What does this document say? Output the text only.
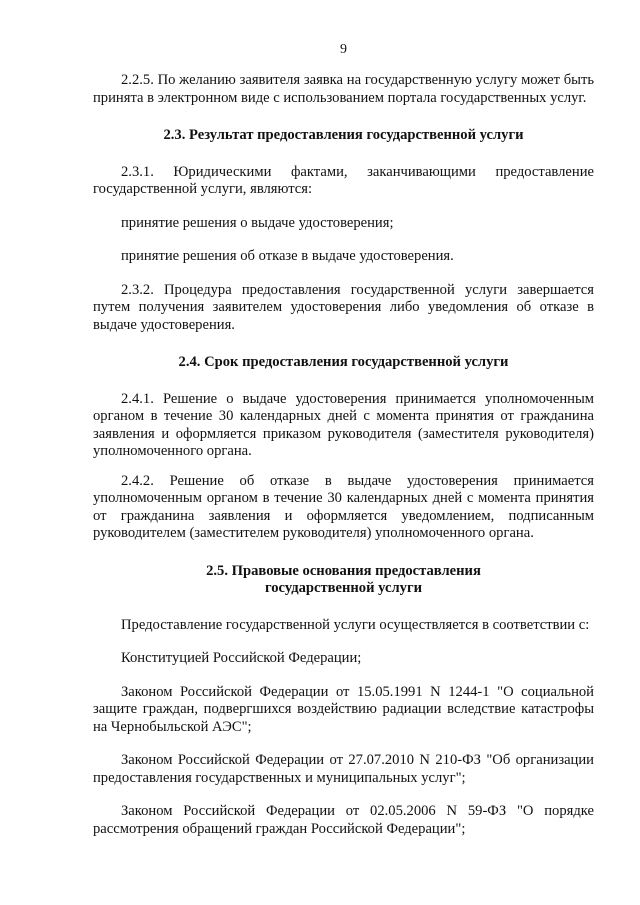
9

2.2.5. По желанию заявителя заявка на государственную услугу может быть принята в электронном виде с использованием портала государственных услуг.

2.3. Результат предоставления государственной услуги

2.3.1. Юридическими фактами, заканчивающими предоставление государственной услуги, являются:

принятие решения о выдаче удостоверения;

принятие решения об отказе в выдаче удостоверения.

2.3.2. Процедура предоставления государственной услуги завершается путем получения заявителем удостоверения либо уведомления об отказе в выдаче удостоверения.

2.4. Срок предоставления государственной услуги

2.4.1. Решение о выдаче удостоверения принимается уполномоченным органом в течение 30 календарных дней с момента принятия от гражданина заявления и оформляется приказом руководителя (заместителя руководителя) уполномоченного органа.

2.4.2. Решение об отказе в выдаче удостоверения принимается уполномоченным органом в течение 30 календарных дней с момента принятия от гражданина заявления и оформляется уведомлением, подписанным руководителем (заместителем руководителя) уполномоченного органа.

2.5. Правовые основания предоставления
государственной услуги

Предоставление государственной услуги осуществляется в соответствии с:

Конституцией Российской Федерации;

Законом Российской Федерации от 15.05.1991 N 1244-1 "О социальной защите граждан, подвергшихся воздействию радиации вследствие катастрофы на Чернобыльской АЭС";

Законом Российской Федерации от 27.07.2010 N 210-ФЗ "Об организации предоставления государственных и муниципальных услуг";

Законом Российской Федерации от 02.05.2006 N 59-ФЗ "О порядке рассмотрения обращений граждан Российской Федерации";
